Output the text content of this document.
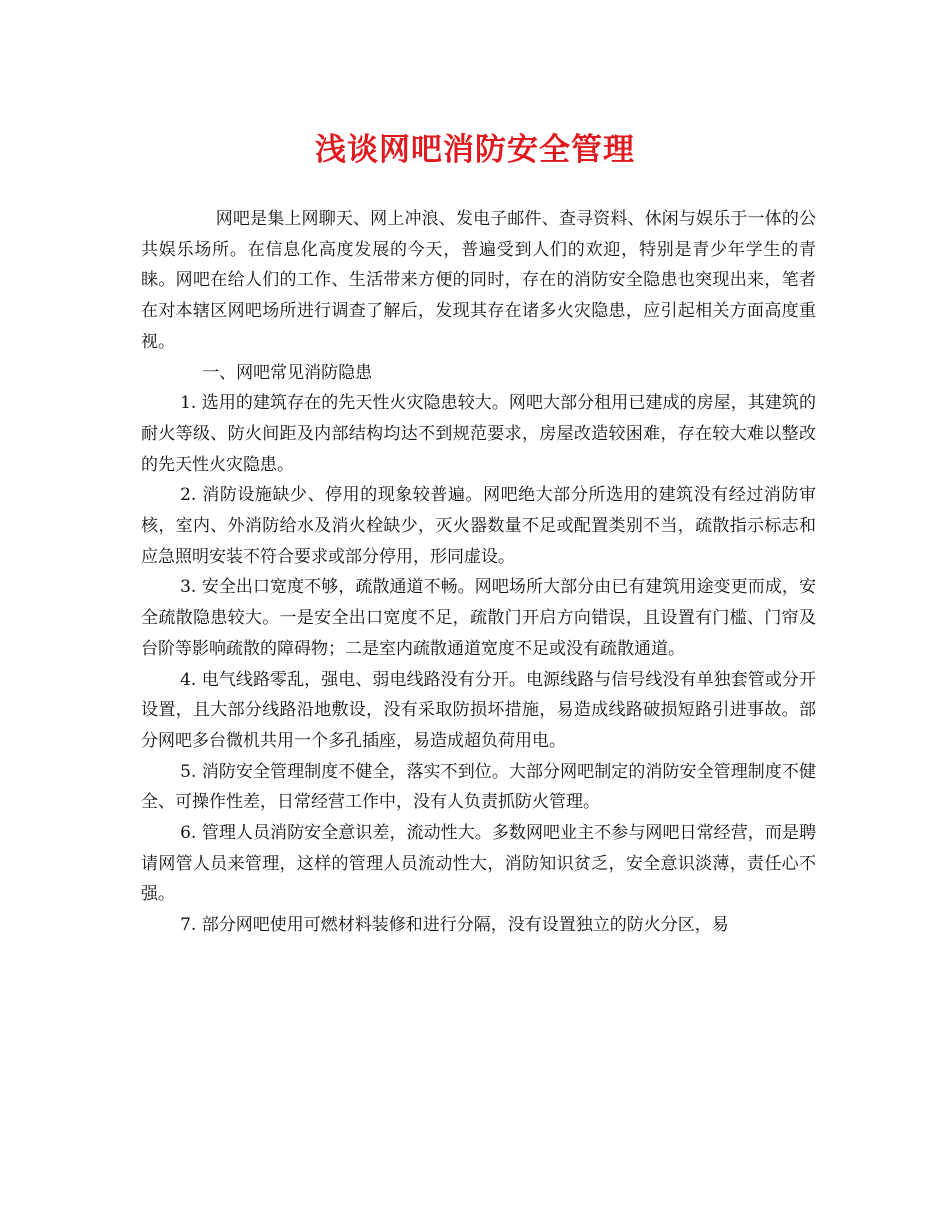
浅谈网吧消防安全管理

网吧是集上网聊天、网上冲浪、发电子邮件、查寻资料、休闲与娱乐于一体的公共娱乐场所。在信息化高度发展的今天，普遍受到人们的欢迎，特别是青少年学生的青睐。网吧在给人们的工作、生活带来方便的同时，存在的消防安全隐患也突现出来，笔者在对本辖区网吧场所进行调查了解后，发现其存在诸多火灾隐患，应引起相关方面高度重视。

一、网吧常见消防隐患

1. 选用的建筑存在的先天性火灾隐患较大。网吧大部分租用已建成的房屋，其建筑的耐火等级、防火间距及内部结构均达不到规范要求，房屋改造较困难，存在较大难以整改的先天性火灾隐患。

2. 消防设施缺少、停用的现象较普遍。网吧绝大部分所选用的建筑没有经过消防审核，室内、外消防给水及消火栓缺少，灭火器数量不足或配置类别不当，疏散指示标志和应急照明安装不符合要求或部分停用，形同虚设。

3. 安全出口宽度不够，疏散通道不畅。网吧场所大部分由已有建筑用途变更而成，安全疏散隐患较大。一是安全出口宽度不足，疏散门开启方向错误，且设置有门槛、门帘及台阶等影响疏散的障碍物；二是室内疏散通道宽度不足或没有疏散通道。

4. 电气线路零乱，强电、弱电线路没有分开。电源线路与信号线没有单独套管或分开设置，且大部分线路沿地敷设，没有采取防损坏措施，易造成线路破损短路引进事故。部分网吧多台微机共用一个多孔插座，易造成超负荷用电。

5. 消防安全管理制度不健全，落实不到位。大部分网吧制定的消防安全管理制度不健全、可操作性差，日常经营工作中，没有人负责抓防火管理。

6. 管理人员消防安全意识差，流动性大。多数网吧业主不参与网吧日常经营，而是聘请网管人员来管理，这样的管理人员流动性大，消防知识贫乏，安全意识淡薄，责任心不强。

7. 部分网吧使用可燃材料装修和进行分隔，没有设置独立的防火分区，易
